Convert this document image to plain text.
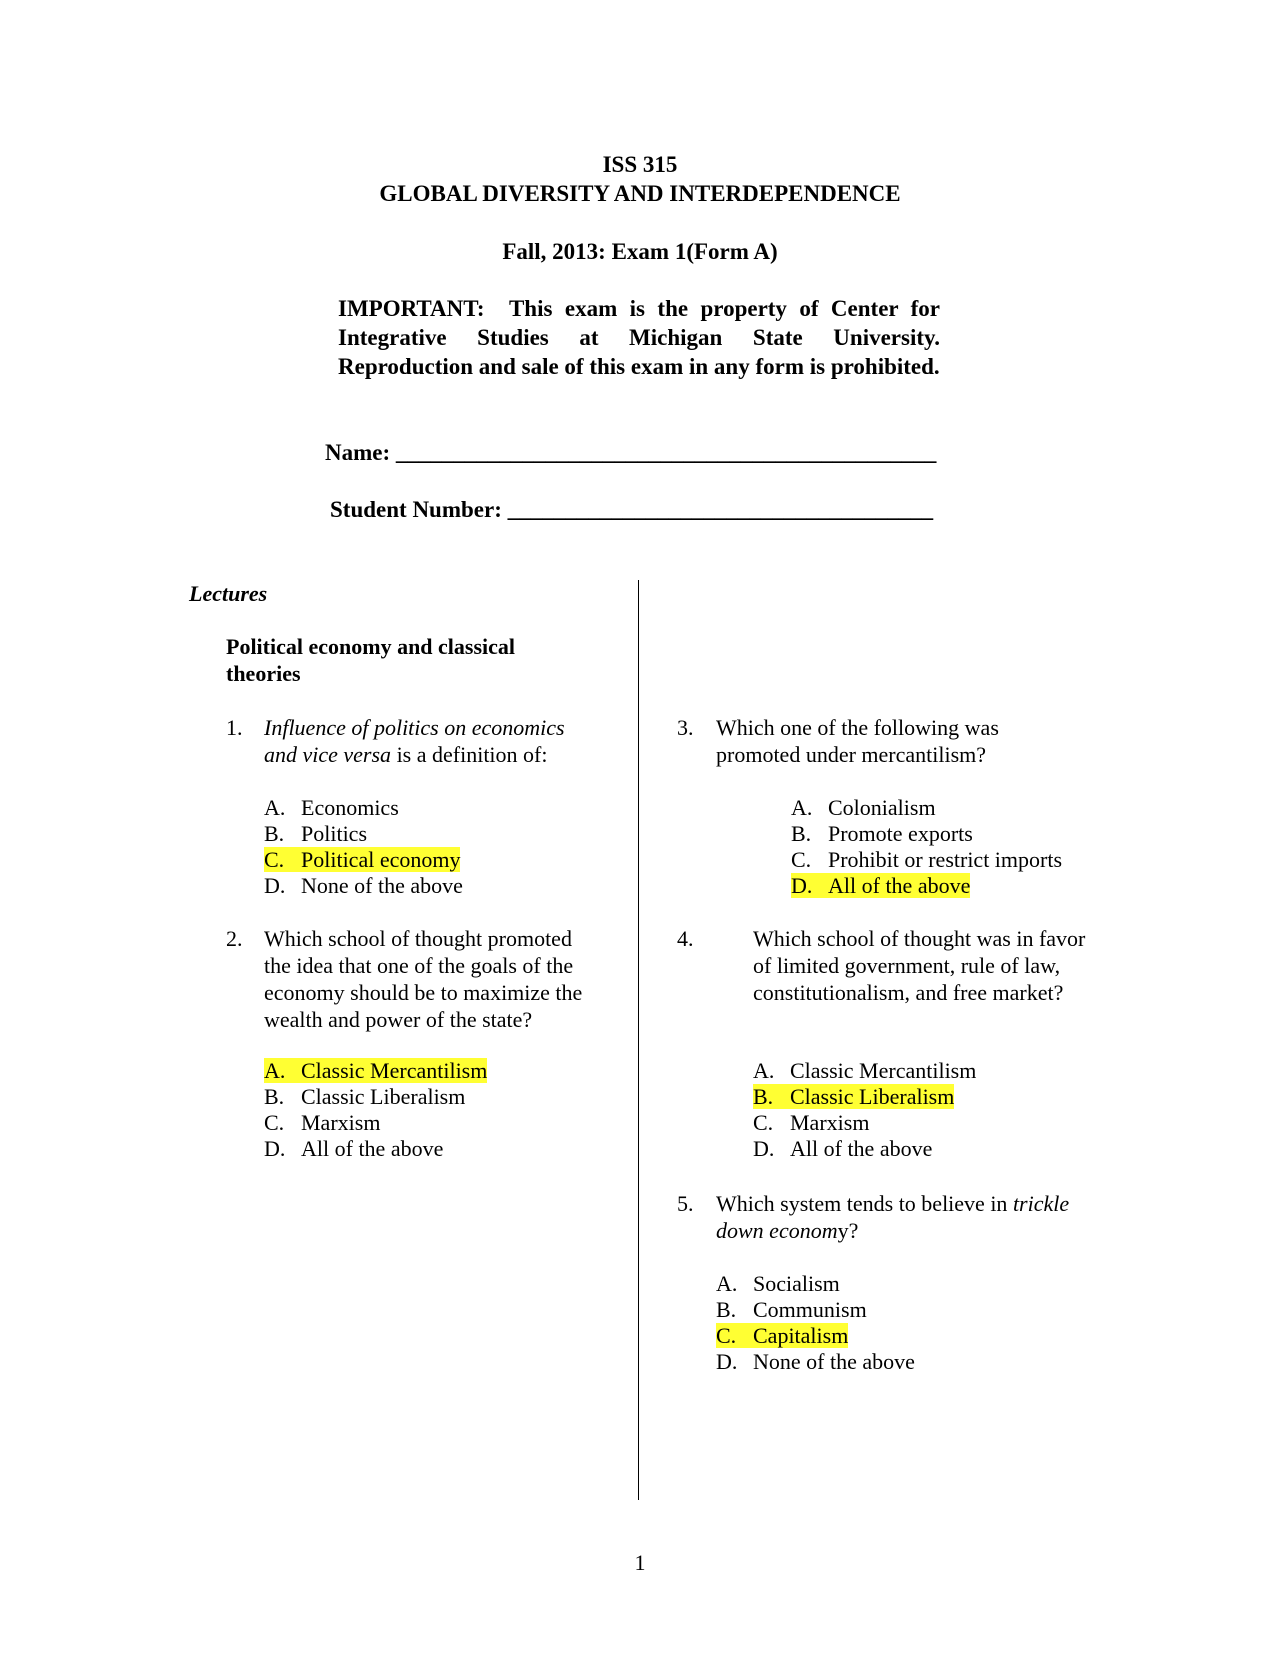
ISS 315
GLOBAL DIVERSITY AND INTERDEPENDENCE
Fall, 2013: Exam 1(Form A)
IMPORTANT: This exam is the property of Center for Integrative Studies at Michigan State University. Reproduction and sale of this exam in any form is prohibited.
Name: _______________________________________________
Student Number: _____________________________________
Lectures
Political economy and classical theories
1. Influence of politics on economics and vice versa is a definition of:
A. Economics
B. Politics
C. Political economy
D. None of the above
2. Which school of thought promoted the idea that one of the goals of the economy should be to maximize the wealth and power of the state?
A. Classic Mercantilism
B. Classic Liberalism
C. Marxism
D. All of the above
3. Which one of the following was promoted under mercantilism?
A. Colonialism
B. Promote exports
C. Prohibit or restrict imports
D. All of the above
4.	Which school of thought was in favor of limited government, rule of law, constitutionalism, and free market?
A. Classic Mercantilism
B. Classic Liberalism
C. Marxism
D. All of the above
5. Which system tends to believe in trickle down economy?
A. Socialism
B. Communism
C. Capitalism
D. None of the above
1
